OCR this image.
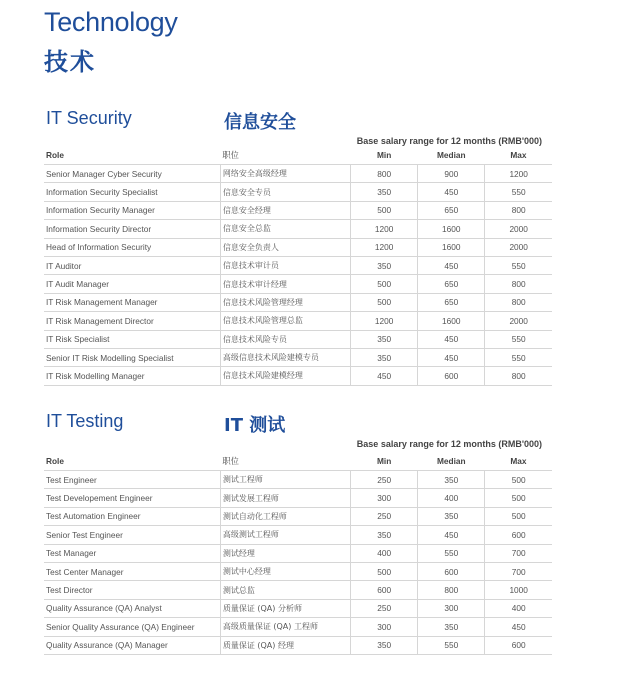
Technology
技术
IT Security	信息安全
Base salary range for 12 months (RMB'000)
Role	职位	Min	Median	Max
Senior Manager Cyber Security	网络安全高级经理	800	900	1200
Information Security Specialist	信息安全专员	350	450	550
Information Security Manager	信息安全经理	500	650	800
Information Security Director	信息安全总监	1200	1600	2000
Head of Information Security	信息安全负责人	1200	1600	2000
IT Auditor	信息技术审计员	350	450	550
IT Audit Manager	信息技术审计经理	500	650	800
IT Risk Management Manager	信息技术风险管理经理	500	650	800
IT Risk Management Director	信息技术风险管理总监	1200	1600	2000
IT Risk Specialist	信息技术风险专员	350	450	550
Senior IT Risk Modelling Specialist	高级信息技术风险建模专员	350	450	550
IT Risk Modelling Manager	信息技术风险建模经理	450	600	800
IT Testing	IT 测试
Base salary range for 12 months (RMB'000)
Role	职位	Min	Median	Max
Test Engineer	测试工程师	250	350	500
Test Developement Engineer	测试发展工程师	300	400	500
Test Automation Engineer	测试自动化工程师	250	350	500
Senior Test Engineer	高级测试工程师	350	450	600
Test Manager	测试经理	400	550	700
Test Center Manager	测试中心经理	500	600	700
Test Director	测试总监	600	800	1000
Quality Assurance (QA) Analyst	质量保证 (QA) 分析师	250	300	400
Senior Quality Assurance (QA) Engineer	高级质量保证 (QA) 工程师	300	350	450
Quality Assurance (QA) Manager	质量保证 (QA) 经理	350	550	600
